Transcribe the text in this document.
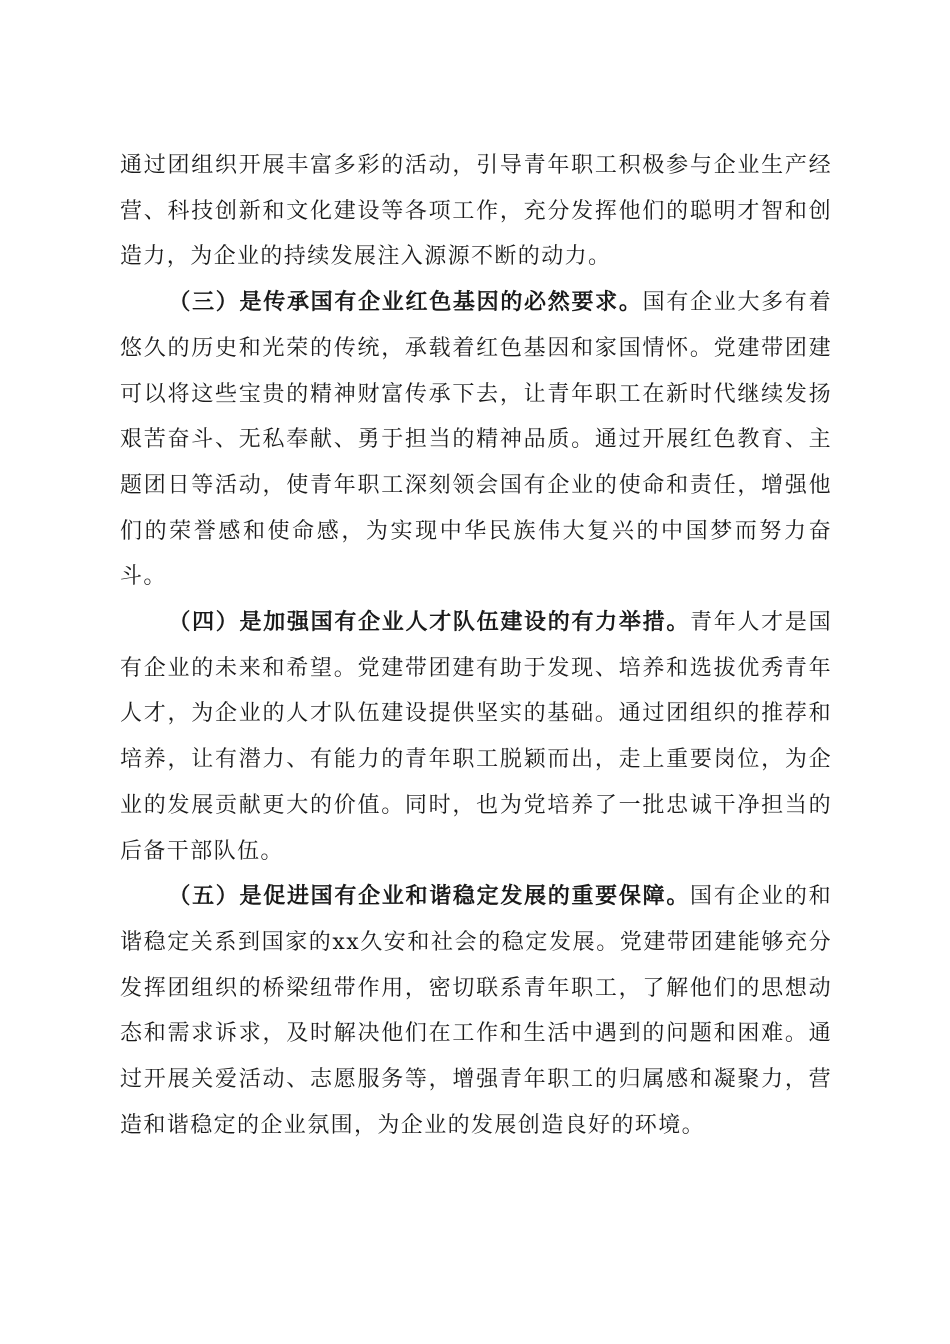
通过团组织开展丰富多彩的活动，引导青年职工积极参与企业生产经营、科技创新和文化建设等各项工作，充分发挥他们的聪明才智和创造力，为企业的持续发展注入源源不断的动力。

（三）是传承国有企业红色基因的必然要求。国有企业大多有着悠久的历史和光荣的传统，承载着红色基因和家国情怀。党建带团建可以将这些宝贵的精神财富传承下去，让青年职工在新时代继续发扬艰苦奋斗、无私奉献、勇于担当的精神品质。通过开展红色教育、主题团日等活动，使青年职工深刻领会国有企业的使命和责任，增强他们的荣誉感和使命感，为实现中华民族伟大复兴的中国梦而努力奋斗。

（四）是加强国有企业人才队伍建设的有力举措。青年人才是国有企业的未来和希望。党建带团建有助于发现、培养和选拔优秀青年人才，为企业的人才队伍建设提供坚实的基础。通过团组织的推荐和培养，让有潜力、有能力的青年职工脱颖而出，走上重要岗位，为企业的发展贡献更大的价值。同时，也为党培养了一批忠诚干净担当的后备干部队伍。

（五）是促进国有企业和谐稳定发展的重要保障。国有企业的和谐稳定关系到国家的xx久安和社会的稳定发展。党建带团建能够充分发挥团组织的桥梁纽带作用，密切联系青年职工，了解他们的思想动态和需求诉求，及时解决他们在工作和生活中遇到的问题和困难。通过开展关爱活动、志愿服务等，增强青年职工的归属感和凝聚力，营造和谐稳定的企业氛围，为企业的发展创造良好的环境。
